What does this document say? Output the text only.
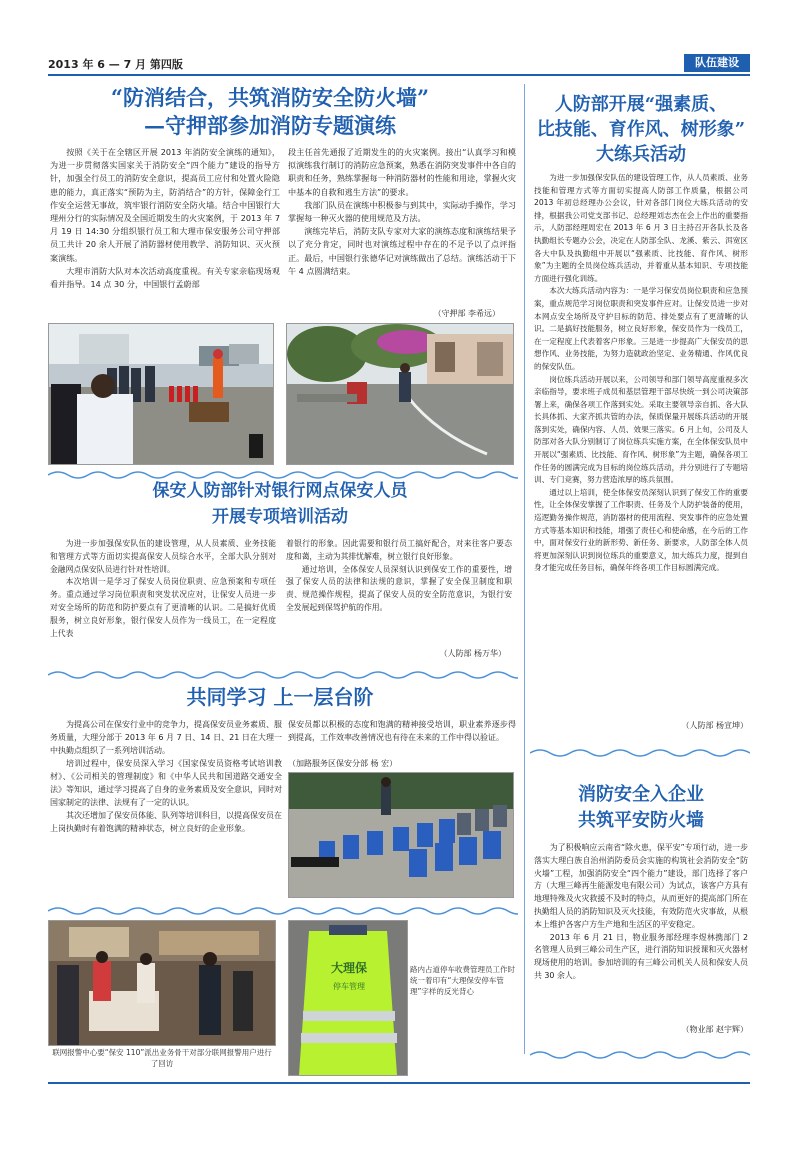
2013 年 6 — 7 月 第四版	队伍建设
“防消结合，共筑消防安全防火墙”
—守押部参加消防专题演练

按照《关于在全辖区开展 2013 年消防安全演练的通知》，为进一步贯彻落实国家关于消防安全“四个能力”建设的指导方针，加强全行员工的消防安全意识，提高员工应付和处置火险隐患的能力，真正落实“预防为主，防消结合”的方针，保障金行工作安全运营无事故，筑牢银行消防安全防火墙。结合中国银行大理州分行的实际情况及全国近期发生的火灾案例，于 2013 年 7 月 19 日 14:30 分组织银行员工和大理市保安服务公司守押部员工共计 20 余人开展了消防器材使用教学、消防知识、灭火预案演练。

大理市消防大队对本次活动高度重视。有关专家亲临现场观看并指导。14 点 30 分，中国银行孟蔚部

段主任首先通报了近期发生的的火灾案例。接出“认真学习和模拟演练我行制订的消防应急预案，熟悉在消防突发事件中各自的职责和任务，熟练掌握每一种消防器材的性能和用途，掌握火灾中基本的自救和逃生方法”的要求。

我部门队员在演练中积极参与到其中，实际动手操作，学习掌握每一种灭火器的使用规范及方法。

演练完毕后，消防支队专家对大家的演练态度和演练结果予以了充分肯定，同时也对演练过程中存在的不足予以了点评指正。最后，中国银行张德华记对演练做出了总结。演练活动于下午 4 点圆满结束。

（守押部 李希远）
保安人防部针对银行网点保安人员
开展专项培训活动

为进一步加强保安队伍的建设管理，从人员素质、业务技能和管理方式等方面切实提高保安人员综合水平，全部大队分别对金融网点保安队员进行针对性培训。

本次培训一是学习了保安人员岗位职责、应急预案和专项任务。重点通过学习岗位职责和突发状况应对，让保安人员进一步对安全场所的防范和防护要点有了更清晰的认识。二是搞好优质服务，树立良好形象，银行保安人员作为一线员工，在一定程度上代表

着银行的形象。因此需要和银行员工搞好配合，对来往客户要态度和蔼，主动为其排忧解难，树立银行良好形象。

通过培训，全体保安人员深刻认识到保安工作的重要性，增强了保安人员的法律和法规的意识，掌握了安全保卫制度和职责、规范操作规程，提高了保安人员的安全防范意识，为银行安全发展起到保驾护航的作用。

（人防部 杨万华）
共同学习 上一层台阶

为提高公司在保安行业中的竞争力，提高保安员业务素质、服务质量，大理分部于 2013 年 6 月 7 日、14 日、21 日在大理一中执勤点组织了一系列培训活动。

培训过程中，保安员深入学习《国家保安员资格考试培训教材》、《公司相关的管理制度》和《中华人民共和国道路交通安全法》等知识，通过学习提高了自身的业务素质及安全意识，同时对国家制定的法律、法规有了一定的认识。

其次还增加了保安员体能、队列等培训科目，以提高保安员在上岗执勤时有着饱满的精神状态，树立良好的企业形象。

保安员都以积极的态度和饱满的精神接受培训，职业素养逐步得到提高，工作效率改善情况也有待在未来的工作中得以验证。

（加路服务区保安分部 杨 宏）
联网报警中心要“保安 110”派出业务骨干对部分联网报警用户进行了回访
大理保
停车管理
路内占道停车收费管理员工作时统一着印有“大理保安停车管理”字样的反光背心
人防部开展“强素质、
比技能、育作风、树形象”
大练兵活动

为进一步加强保安队伍的建设管理工作，从人员素质、业务技能和管理方式等方面切实提高人防部工作质量，根据公司 2013 年初总经理办公会议，针对各部门岗位大练兵活动的安排，根据我公司党支部书记、总经理刘志杰在会上作出的重要指示，人防部经理周宏在 2013 年 6 月 3 日主持召开各队长及各执勤组长专题办公会，决定在人防部全队、龙溪、紫云、洱宽区各大中队及执勤组中开展以“强素质、比技能、育作风、树形象”为主题的全员岗位练兵活动，并着重从基本知识、专项技能方面进行强化训练。

本次大练兵活动内容为：一是学习保安员岗位职责和应急预案，重点规范学习岗位职责和突发事件应对。让保安员进一步对本网点安全场所及守护目标的防范、排处要点有了更清晰的认识。二是搞好技能服务，树立良好形象，保安员作为一线员工，在一定程度上代表着客户形象。三是进一步提高广大保安员的思想作风、业务技能，为努力造就政治坚定、业务精通、作风优良的保安队伍。

岗位练兵活动开展以来，公司领导和部门领导高度重视多次亲临指导，要求班子成员和基层管理干部尽快统一到公司决策部署上来，确保各项工作落到实处。采取主要领导亲自抓、各大队长具体抓、大家齐抓共管的办法，保质保量开展练兵活动的开展落到实处，确保内容、人员、效果三落实。6 月上旬，公司及人防部对各大队分别制订了岗位练兵实施方案，在全体保安队员中开展以“强素质、比技能、育作风、树形象”为主题，确保各项工作任务的圆满完成为目标的岗位练兵活动，并分别进行了专题培训、专门竞赛，努力营造浓厚的练兵氛围。

通过以上培训，使全体保安员深刻认识到了保安工作的重要性，让全体保安掌握了工作职责、任务及个人防护装备的使用，巡逻勤务操作规范，消防器材的使用流程、突发事件的应急处置方式等基本知识和技能，增强了责任心和使命感，在今后的工作中，面对保安行业的新形势、新任务、新要求，人防部全体人员将更加深刻认识到岗位练兵的重要意义，加大练兵力度，提到自身才能完成任务目标，确保年终各项工作目标圆满完成。

（人防部 杨宣坤）
消防安全入企业
共筑平安防火墙

为了积极响应云南省“除火患，保平安”专项行动，进一步落实大理白族自治州消防委员会实施的构筑社会消防安全“防火墙”工程，加强消防安全“四个能力”建设，部门选择了客户方（大理三峰再生能源发电有限公司）为试点，该客户方具有地理特殊及火灾救援不及时的特点，从而更好的提高部门所在执勤组人员的消防知识及灭火技能，有效防范火灾事故，从根本上维护各客户方生产地和生活区的平安稳定。

2013 年 6 月 21 日，物业服务部经理李煜林携部门 2 名管理人员到三峰公司生产区，进行消防知识授课和灭火器材现场使用的培训。参加培训的有三峰公司机关人员和保安人员共 30 余人。

（物业部 赵宇辉）
